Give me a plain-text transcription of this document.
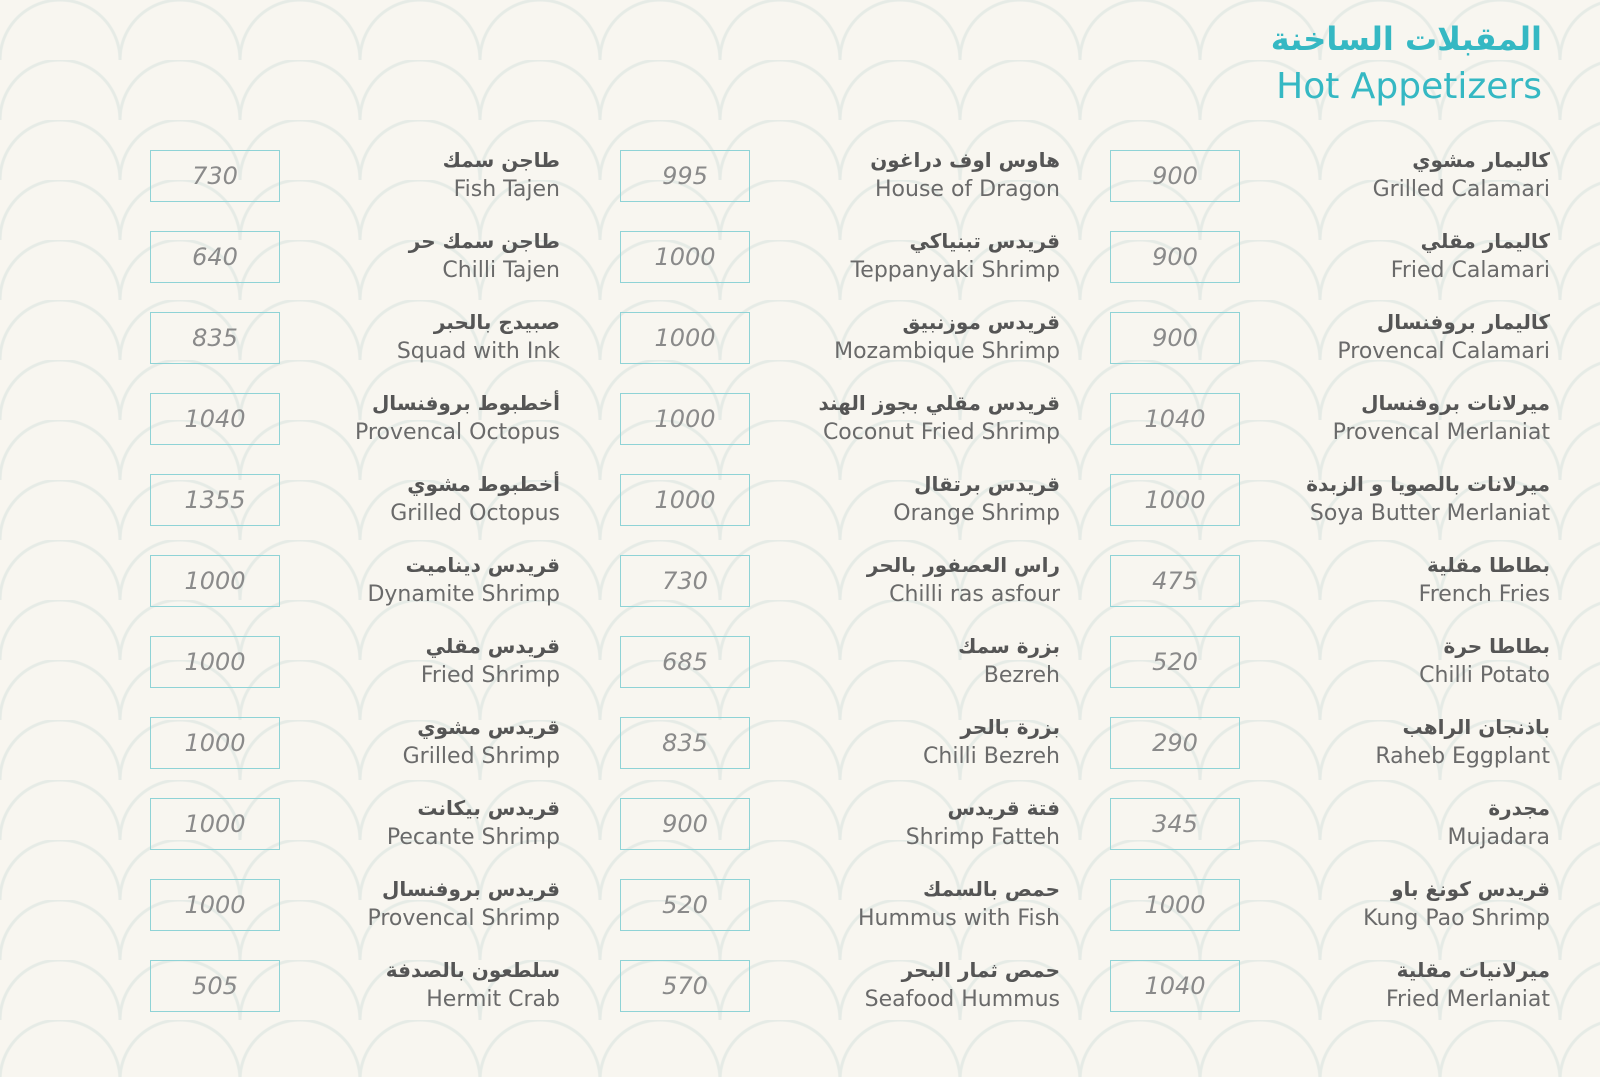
المقبلات الساخنة
Hot Appetizers
900
كاليمار مشوي
Grilled Calamari
900
كاليمار مقلي
Fried Calamari
900
كاليمار بروفنسال
Provencal Calamari
1040
ميرلانات بروفنسال
Provencal Merlaniat
1000
ميرلانات بالصويا و الزبدة
Soya Butter Merlaniat
475
بطاطا مقلية
French Fries
520
بطاطا حرة
Chilli Potato
290
باذنجان الراهب
Raheb Eggplant
345
مجدرة
Mujadara
1000
قريدس كونغ باو
Kung Pao Shrimp
1040
ميرلانيات مقلية
Fried Merlaniat
995
هاوس اوف دراغون
House of Dragon
1000
قريدس تبنياكي
Teppanyaki Shrimp
1000
قريدس موزنبيق
Mozambique Shrimp
1000
قريدس مقلي بجوز الهند
Coconut Fried Shrimp
1000
قريدس برتقال
Orange Shrimp
730
راس العصفور بالحر
Chilli ras asfour
685
بزرة سمك
Bezreh
835
بزرة بالحر
Chilli Bezreh
900
فتة قريدس
Shrimp Fatteh
520
حمص بالسمك
Hummus with Fish
570
حمص ثمار البحر
Seafood Hummus
730
طاجن سمك
Fish Tajen
640
طاجن سمك حر
Chilli Tajen
835
صبيدج بالحبر
Squad with Ink
1040
أخطبوط بروفنسال
Provencal Octopus
1355
أخطبوط مشوي
Grilled Octopus
1000
قريدس ديناميت
Dynamite Shrimp
1000
قريدس مقلي
Fried Shrimp
1000
قريدس مشوي
Grilled Shrimp
1000
قريدس بيكانت
Pecante Shrimp
1000
قريدس بروفنسال
Provencal Shrimp
505
سلطعون بالصدفة
Hermit Crab
